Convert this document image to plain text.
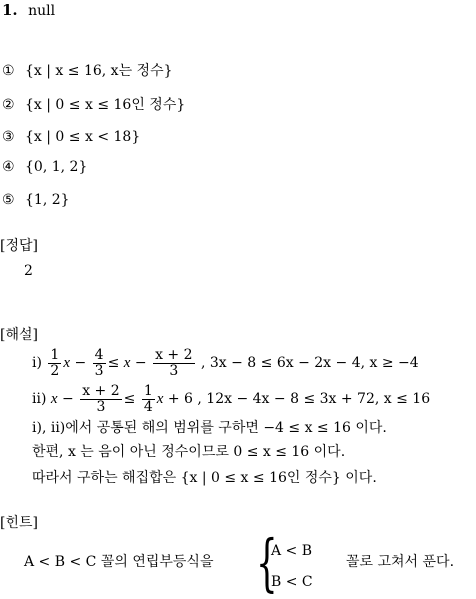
1. null
① {x | x ≤ 16, x는 정수}
② {x | 0 ≤ x ≤ 16인 정수}
③ {x | 0 ≤ x < 18}
④ {0, 1, 2}
⑤ {1, 2}
[정답]
2
[해설]
ⅰ) $\frac{1}{2}$ $x - \frac{4}{3} \le x - \frac{x + 2}{3}$ , 3x − 8 ≤ 6x − 2x − 4, x ≥ −4
ⅱ) $x - \frac{x + 2}{3} \le \frac{1}{4}$ x + 6 , 12x − 4x − 8 ≤ 3x + 72, x ≤ 16
ⅰ), ⅱ)에서 공통된 해의 범위를 구하면 −4 ≤ x ≤ 16 이다.
한편, x 는 음이 아닌 정수이므로 0 ≤ x ≤ 16 이다.
따라서 구하는 해집합은 {x | 0 ≤ x ≤ 16인 정수} 이다.
[힌트]
A < B < C 꼴의 연립부등식을 {
A < B
B < C
꼴로 고쳐서 푼다.
